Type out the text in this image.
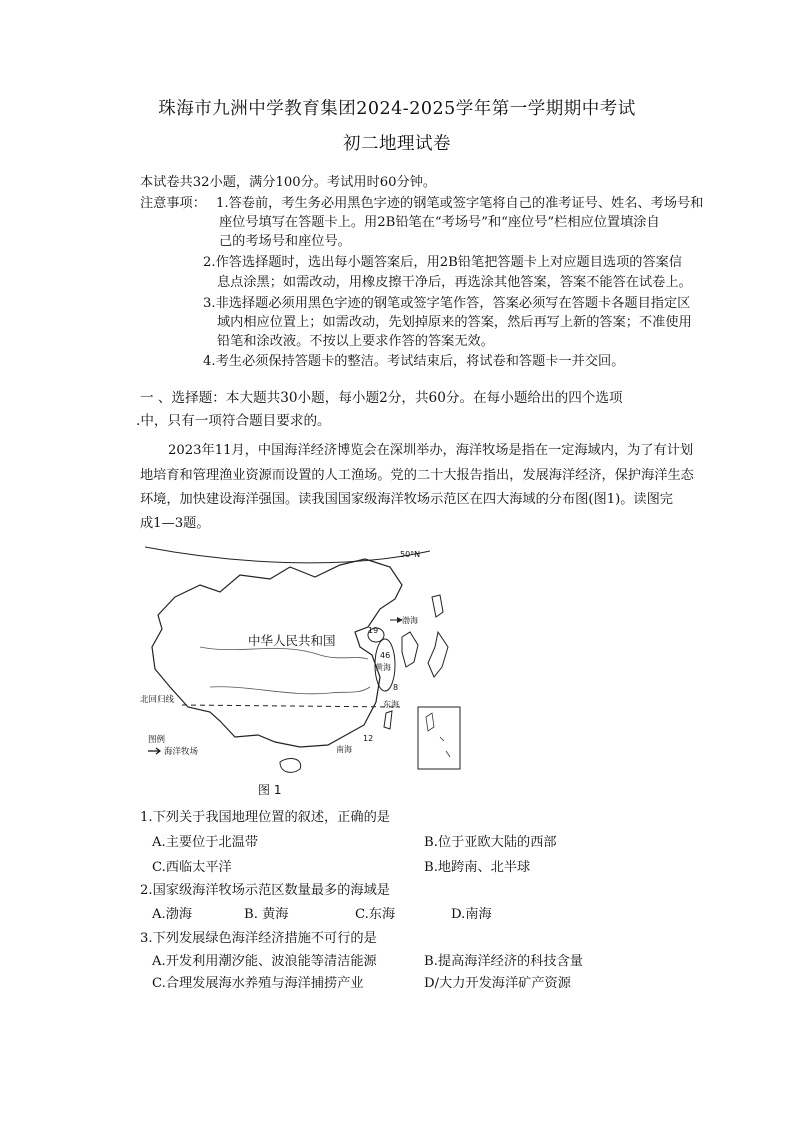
珠海市九洲中学教育集团2024-2025学年第一学期期中考试
初二地理试卷
本试卷共32小题，满分100分。考试用时60分钟。
注意事项： 1.答卷前，考生务必用黑色字迹的钢笔或签字笔将自己的准考证号、姓名、考场号和
座位号填写在答题卡上。用2B铅笔在“考场号”和“座位号”栏相应位置填涂自
己的考场号和座位号。
2.作答选择题时，选出每小题答案后，用2B铅笔把答题卡上对应题目选项的答案信
息点涂黑；如需改动，用橡皮擦干净后，再选涂其他答案，答案不能答在试卷上。
3.非选择题必须用黑色字迹的钢笔或签字笔作答，答案必须写在答题卡各题目指定区
域内相应位置上；如需改动，先划掉原来的答案，然后再写上新的答案；不准使用
铅笔和涂改液。不按以上要求作答的答案无效。
4.考生必须保持答题卡的整洁。考试结束后，将试卷和答题卡一并交回。
一 、选择题：本大题共30小题，每小题2分，共60分。在每小题给出的四个选项
.中，只有一项符合题目要求的。
2023年11月，中国海洋经济博览会在深圳举办，海洋牧场是指在一定海域内，为了有计划
地培育和管理渔业资源而设置的人工渔场。党的二十大报告指出，发展海洋经济，保护海洋生态
环境，加快建设海洋强国。读我国国家级海洋牧场示范区在四大海域的分布图(图1)。读图完
成1—3题。
50°N
中华人民共和国
北回归线
渤海
19
46
黄海
8
东海
12
南海
图例
海洋牧场
图 1
1.下列关于我国地理位置的叙述，正确的是
A.主要位于北温带	B.位于亚欧大陆的西部
C.西临太平洋	B.地跨南、北半球
2.国家级海洋牧场示范区数量最多的海域是
A.渤海	B. 黄海	C.东海	D.南海
3.下列发展绿色海洋经济措施不可行的是
A.开发利用潮汐能、波浪能等清洁能源	B.提高海洋经济的科技含量
C.合理发展海水养殖与海洋捕捞产业	D/大力开发海洋矿产资源
